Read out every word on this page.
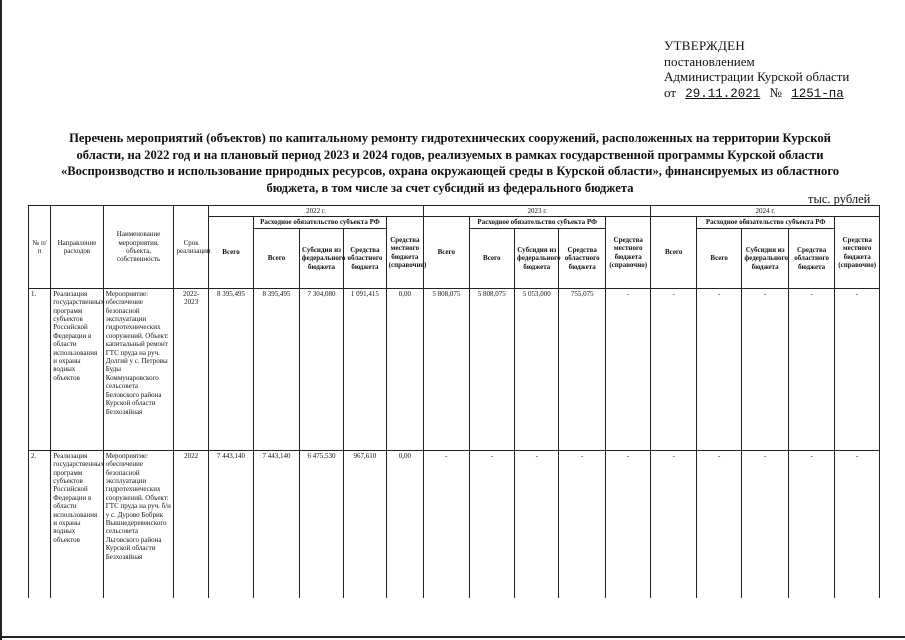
УТВЕРЖДЕН
постановлением
Администрации Курской области
от 29.11.2021 № 1251-па
Перечень мероприятий (объектов) по капитальному ремонту гидротехнических сооружений, расположенных на территории Курской области, на 2022 год и на плановый период 2023 и 2024 годов, реализуемых в рамках государственной программы Курской области «Воспроизводство и использование природных ресурсов, охрана окружающей среды в Курской области», финансируемых из областного бюджета, в том числе за счет субсидий из федерального бюджета
тыс. рублей
№ п/п	Направление расходов	Наименование мероприятия, объекта, собственность	Срок реализации	2022 г.					2023 г.					2024 г.				
				Всего	Расходное обязательство субъекта РФ			Средства местного бюджета (справочно)	Всего	Расходное обязательство субъекта РФ			Средства местного бюджета (справочно)	Всего	Расходное обязательство субъекта РФ			Средства местного бюджета (справочно)
					Всего	Субсидия из федерального бюджета	Средства областного бюджета			Всего	Субсидия из федерального бюджета	Средства областного бюджета			Всего	Субсидия из федерального бюджета	Средства областного бюджета	
1.	Реализация государственных программ субъектов Российской Федерации в области использования и охраны водных объектов	Мероприятие: обеспечение безопасной эксплуатации гидротехнических сооружений. Объект: капитальный ремонт ГТС пруда на руч. Долгий у с. Петровы Буды Коммунаровского сельсовета Беловского района Курской области Безхозяйная	2022-2023	8 395,495	8 395,495	7 304,080	1 091,415	0,00	5 808,075	5 808,075	5 053,000	755,075	-	-	-	-	-	-
2.	Реализация государственных программ субъектов Российской Федерации в области использования и охраны водных объектов	Мероприятие: обеспечение безопасной эксплуатации гидротехнических сооружений. Объект: ГТС пруда на руч. б/н у с. Дурово Бобрик Вышнедеревенского сельсовета Льговского района Курской области Безхозяйная	2022	7 443,140	7 443,140	6 475,530	967,610	0,00	-	-	-	-	-	-	-	-	-	-
